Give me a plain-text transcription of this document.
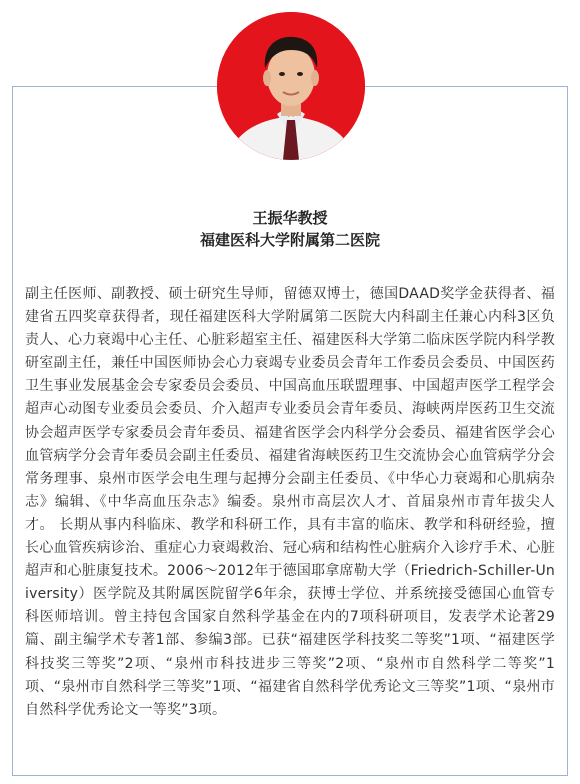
王振华教授
福建医科大学附属第二医院

副主任医师、副教授、硕士研究生导师，留德双博士，德国DAAD奖学金获得者、福建省五四奖章获得者，现任福建医科大学附属第二医院大内科副主任兼心内科3区负责人、心力衰竭中心主任、心脏彩超室主任、福建医科大学第二临床医学院内科学教研室副主任，兼任中国医师协会心力衰竭专业委员会青年工作委员会委员、中国医药卫生事业发展基金会专家委员会委员、中国高血压联盟理事、中国超声医学工程学会超声心动图专业委员会委员、介入超声专业委员会青年委员、海峡两岸医药卫生交流协会超声医学专家委员会青年委员、福建省医学会内科学分会委员、福建省医学会心血管病学分会青年委员会副主任委员、福建省海峡医药卫生交流协会心血管病学分会常务理事、泉州市医学会电生理与起搏分会副主任委员、《中华心力衰竭和心肌病杂志》编辑、《中华高血压杂志》编委。泉州市高层次人才、首届泉州市青年拔尖人才。 长期从事内科临床、教学和科研工作，具有丰富的临床、教学和科研经验，擅长心血管疾病诊治、重症心力衰竭救治、冠心病和结构性心脏病介入诊疗手术、心脏超声和心脏康复技术。2006～2012年于德国耶拿席勒大学（Friedrich-Schiller-University）医学院及其附属医院留学6年余，获博士学位、并系统接受德国心血管专科医师培训。曾主持包含国家自然科学基金在内的7项科研项目，发表学术论著29篇、副主编学术专著1部、参编3部。已获“福建医学科技奖二等奖”1项、“福建医学科技奖三等奖”2项、“泉州市科技进步三等奖”2项、“泉州市自然科学二等奖”1项、“泉州市自然科学三等奖”1项、“福建省自然科学优秀论文三等奖”1项、“泉州市自然科学优秀论文一等奖”3项。
